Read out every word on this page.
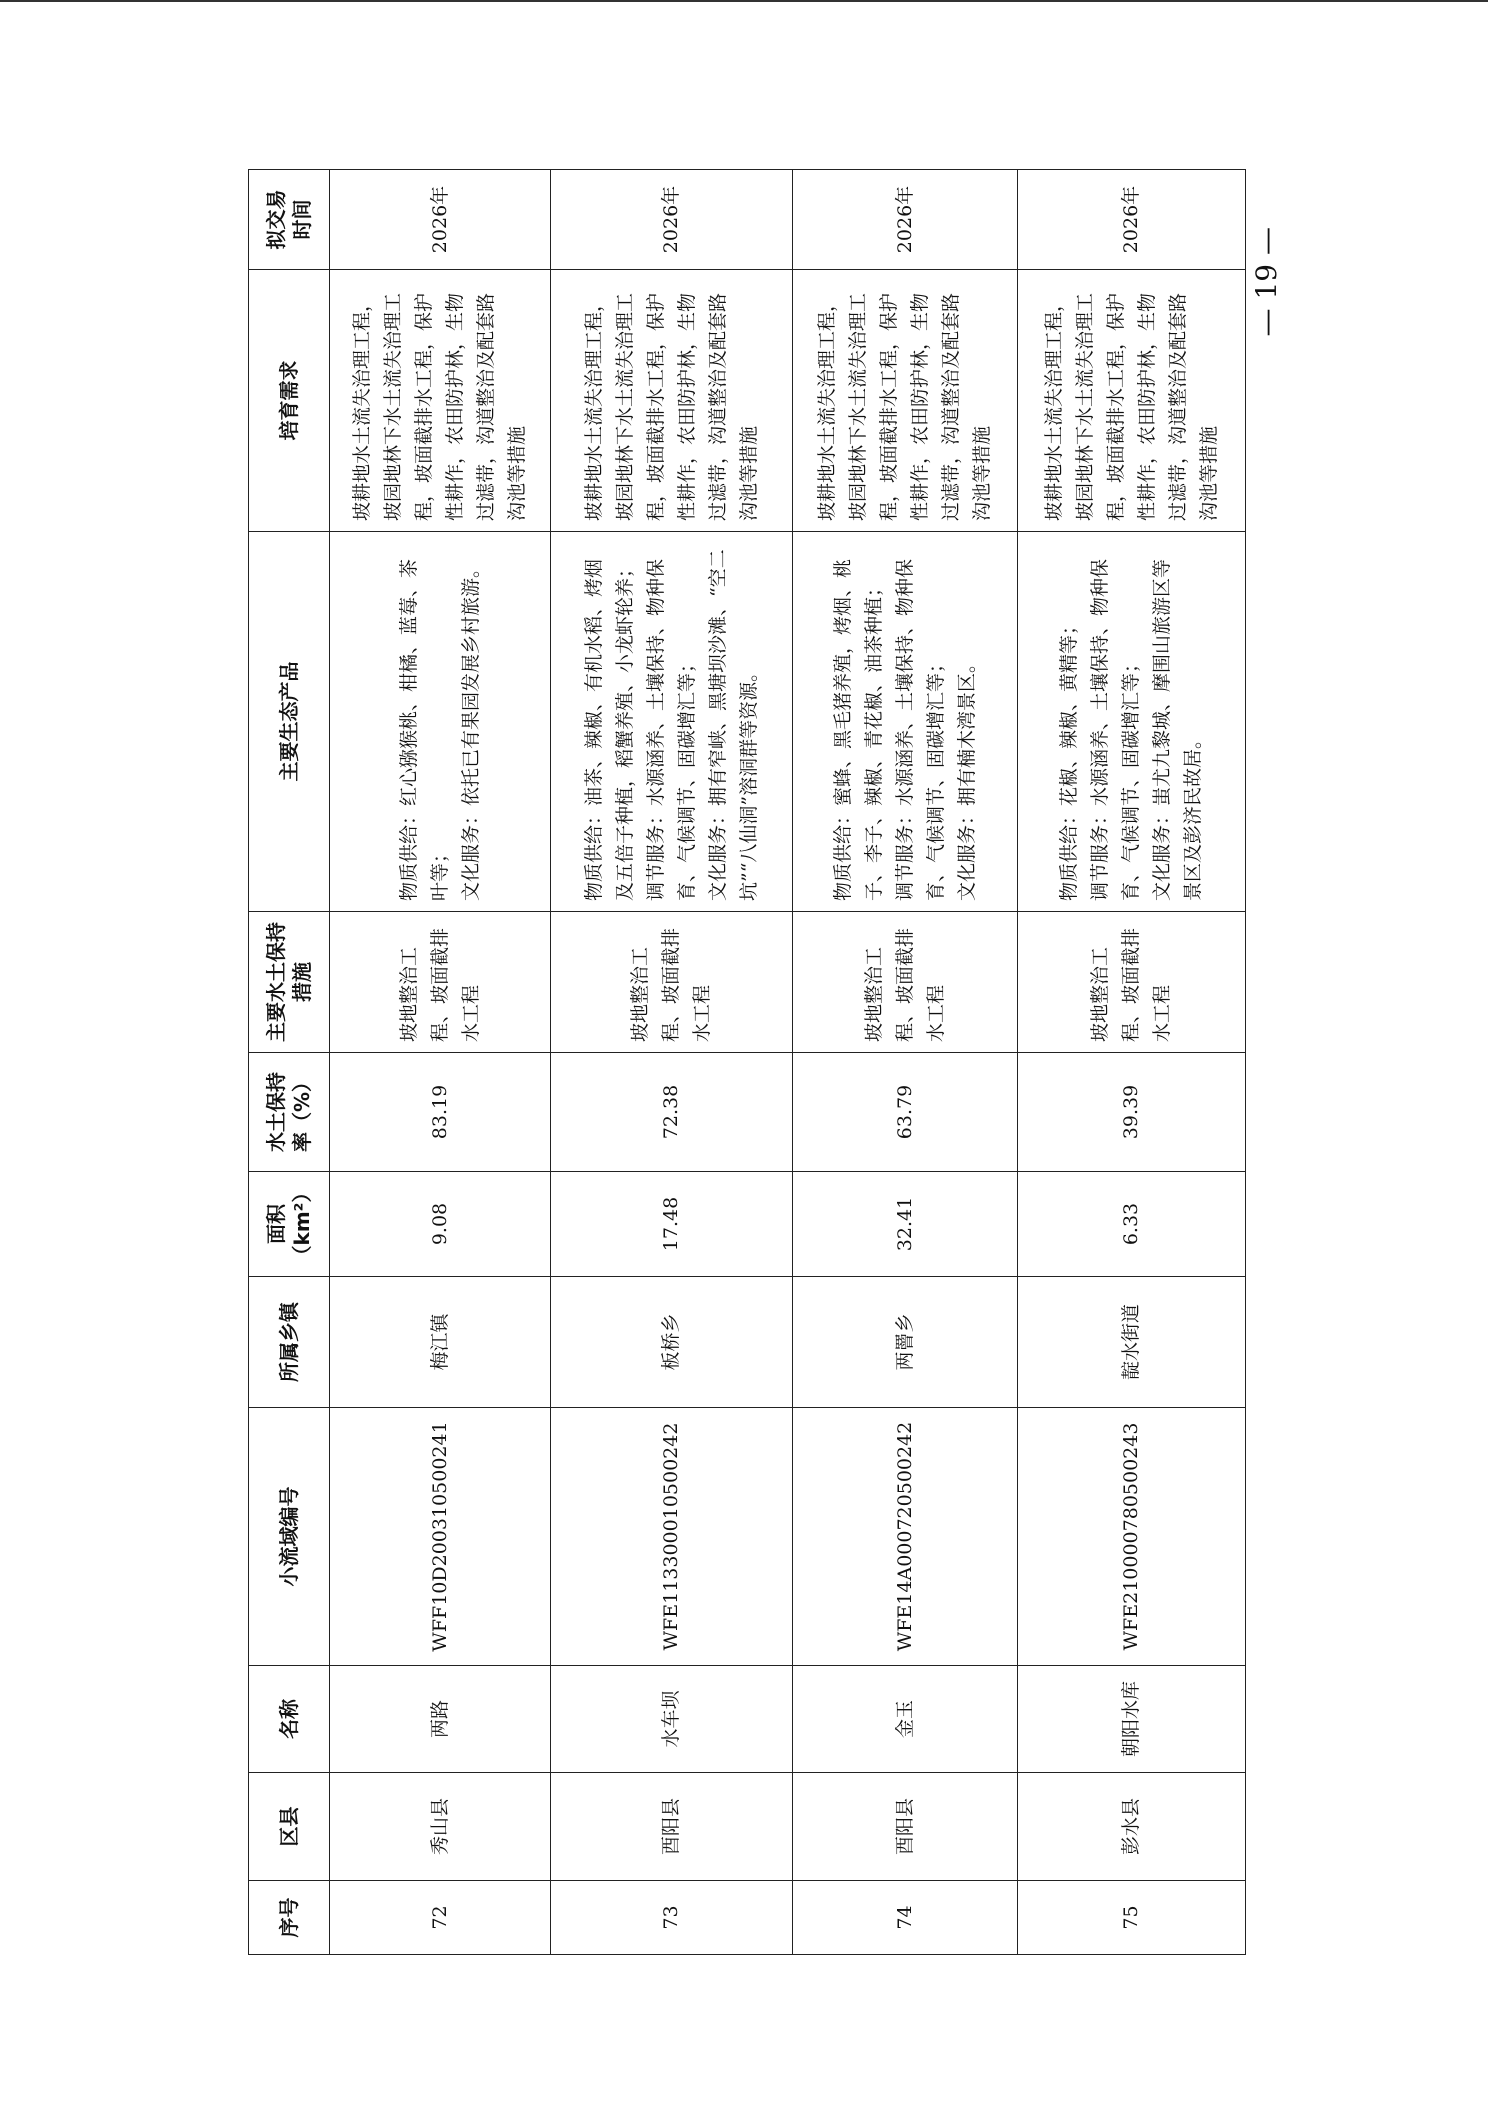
序号	区县	名称	小流域编号	所属乡镇	面积（km²）	水土保持率（%）	主要水土保持措施	主要生态产品	培育需求	拟交易时间
72	秀山县	两路	WFF10D20031050024​1	梅江镇	9.08	83.19	坡地整治工程、坡面截排水工程	物质供给：红心猕猴桃、柑橘、蓝莓、茶叶等；
文化服务：依托已有果园发展乡村旅游。	坡耕地水土流失治理工程，坡园地林下水土流失治理工程，坡面截排水工程，保护性耕作，农田防护林，生物过滤带，沟道整治及配套路沟池等措施	2026年
73	酉阳县	水车坝	WFE113300010500242	板桥乡	17.48	72.38	坡地整治工程、坡面截排水工程	物质供给：油茶、辣椒、有机水稻、烤烟及五倍子种植，稻蟹养殖、小龙虾轮养；
调节服务：水源涵养、土壤保持、物种保育、气候调节、固碳增汇等；
文化服务：拥有窄峡、黑塘坝沙滩、“空二坑”“八仙洞”溶洞群等资源。	坡耕地水土流失治理工程，坡园地林下水土流失治理工程，坡面截排水工程，保护性耕作，农田防护林，生物过滤带，沟道整治及配套路沟池等措施	2026年
74	酉阳县	金玉	WFE14A000720500242	两罾乡	32.41	63.79	坡地整治工程、坡面截排水工程	物质供给：蜜蜂、黑毛猪养殖，烤烟、桃子、李子、辣椒、青花椒、油茶种植；
调节服务：水源涵养、土壤保持、物种保育、气候调节、固碳增汇等；
文化服务：拥有楠木湾景区。	坡耕地水土流失治理工程，坡园地林下水土流失治理工程，坡面截排水工程，保护性耕作，农田防护林，生物过滤带，沟道整治及配套路沟池等措施	2026年
75	彭水县	朝阳水库	WFE210000780500243	靛水街道	6.33	39.39	坡地整治工程、坡面截排水工程	物质供给：花椒、辣椒、黄精等；
调节服务：水源涵养、土壤保持、物种保育、气候调节、固碳增汇等；
文化服务：蚩尤九黎城、摩围山旅游区等景区及彭济民故居。	坡耕地水土流失治理工程，坡园地林下水土流失治理工程，坡面截排水工程，保护性耕作，农田防护林，生物过滤带，沟道整治及配套路沟池等措施	2026年
— 19 —
